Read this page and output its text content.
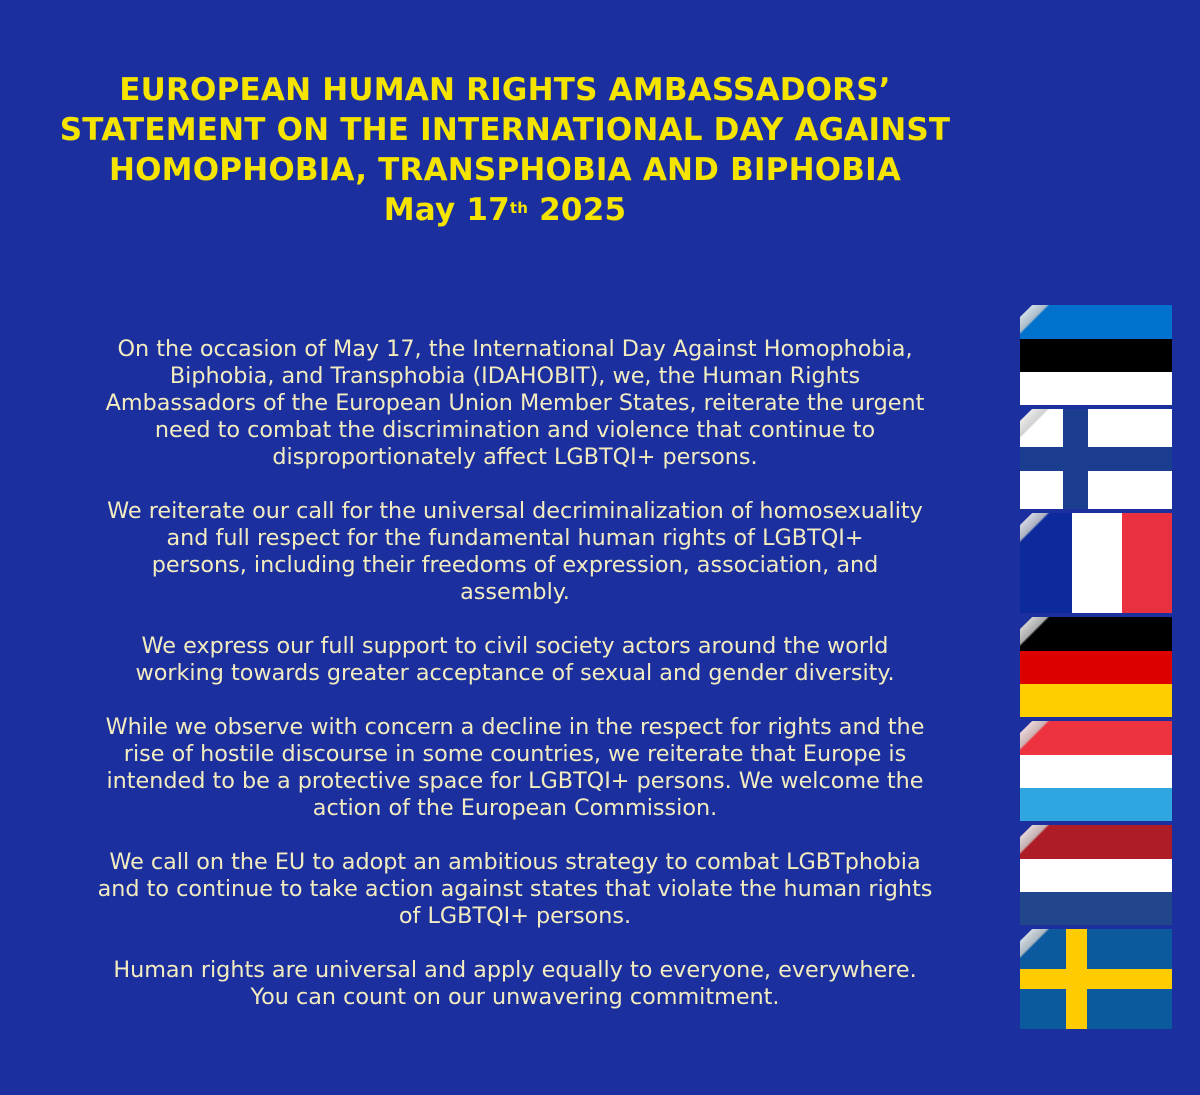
EUROPEAN HUMAN RIGHTS AMBASSADORS’
STATEMENT ON THE INTERNATIONAL DAY AGAINST
HOMOPHOBIA, TRANSPHOBIA AND BIPHOBIA
May 17th 2025

On the occasion of May 17, the International Day Against Homophobia,
Biphobia, and Transphobia (IDAHOBIT), we, the Human Rights
Ambassadors of the European Union Member States, reiterate the urgent
need to combat the discrimination and violence that continue to
disproportionately affect LGBTQI+ persons.

We reiterate our call for the universal decriminalization of homosexuality
and full respect for the fundamental human rights of LGBTQI+
persons, including their freedoms of expression, association, and
assembly.

We express our full support to civil society actors around the world
working towards greater acceptance of sexual and gender diversity.

While we observe with concern a decline in the respect for rights and the
rise of hostile discourse in some countries, we reiterate that Europe is
intended to be a protective space for LGBTQI+ persons. We welcome the
action of the European Commission.

We call on the EU to adopt an ambitious strategy to combat LGBTphobia
and to continue to take action against states that violate the human rights
of LGBTQI+ persons.

Human rights are universal and apply equally to everyone, everywhere.
You can count on our unwavering commitment.
